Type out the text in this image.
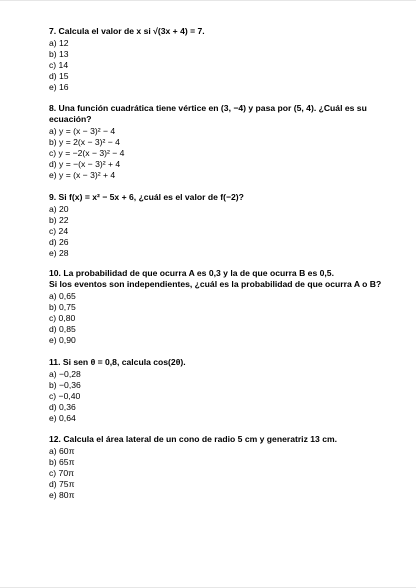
7. Calcula el valor de x si √(3x + 4) = 7.
a) 12
b) 13
c) 14
d) 15
e) 16
8. Una función cuadrática tiene vértice en (3, −4) y pasa por (5, 4). ¿Cuál es su
ecuación?
a) y = (x − 3)² − 4
b) y = 2(x − 3)² − 4
c) y = −2(x − 3)² − 4
d) y = −(x − 3)² + 4
e) y = (x − 3)² + 4
9. Si f(x) = x² − 5x + 6, ¿cuál es el valor de f(−2)?
a) 20
b) 22
c) 24
d) 26
e) 28
10. La probabilidad de que ocurra A es 0,3 y la de que ocurra B es 0,5.
Si los eventos son independientes, ¿cuál es la probabilidad de que ocurra A o B?
a) 0,65
b) 0,75
c) 0,80
d) 0,85
e) 0,90
11. Si sen θ = 0,8, calcula cos(2θ).
a) −0,28
b) −0,36
c) −0,40
d) 0,36
e) 0,64
12. Calcula el área lateral de un cono de radio 5 cm y generatriz 13 cm.
a) 60π
b) 65π
c) 70π
d) 75π
e) 80π
